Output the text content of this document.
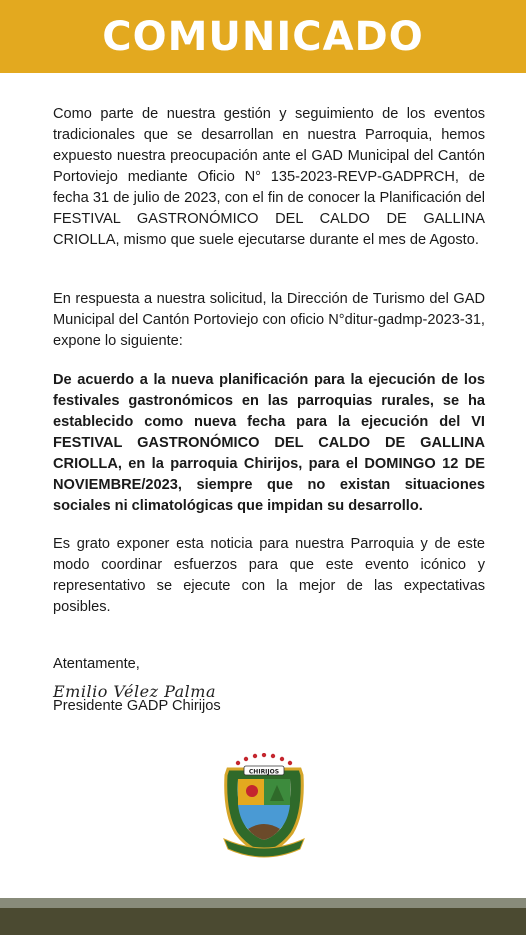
COMUNICADO

Como parte de nuestra gestión y seguimiento de los eventos tradicionales que se desarrollan en nuestra Parroquia, hemos expuesto nuestra preocupación ante el GAD Municipal del Cantón Portoviejo mediante Oficio N° 135-2023-REVP-GADPRCH, de fecha 31 de julio de 2023, con el fin de conocer la Planificación del FESTIVAL GASTRONÓMICO DEL CALDO DE GALLINA CRIOLLA, mismo que suele ejecutarse durante el mes de Agosto.

En respuesta a nuestra solicitud, la Dirección de Turismo del GAD Municipal del Cantón Portoviejo con oficio N°ditur-gadmp-2023-31, expone lo siguiente:

De acuerdo a la nueva planificación para la ejecución de los festivales gastronómicos en las parroquias rurales, se ha establecido como nueva fecha para la ejecución del VI FESTIVAL GASTRONÓMICO DEL CALDO DE GALLINA CRIOLLA, en la parroquia Chirijos, para el DOMINGO 12 DE NOVIEMBRE/2023, siempre que no existan situaciones sociales ni climatológicas que impidan su desarrollo.

Es grato exponer esta noticia para nuestra Parroquia y de este modo coordinar esfuerzos para que este evento icónico y representativo se ejecute con la mejor de las expectativas posibles.

Atentamente,
Emilio Vélez Palma
Presidente GADP Chirijos
CHIRIJOS
